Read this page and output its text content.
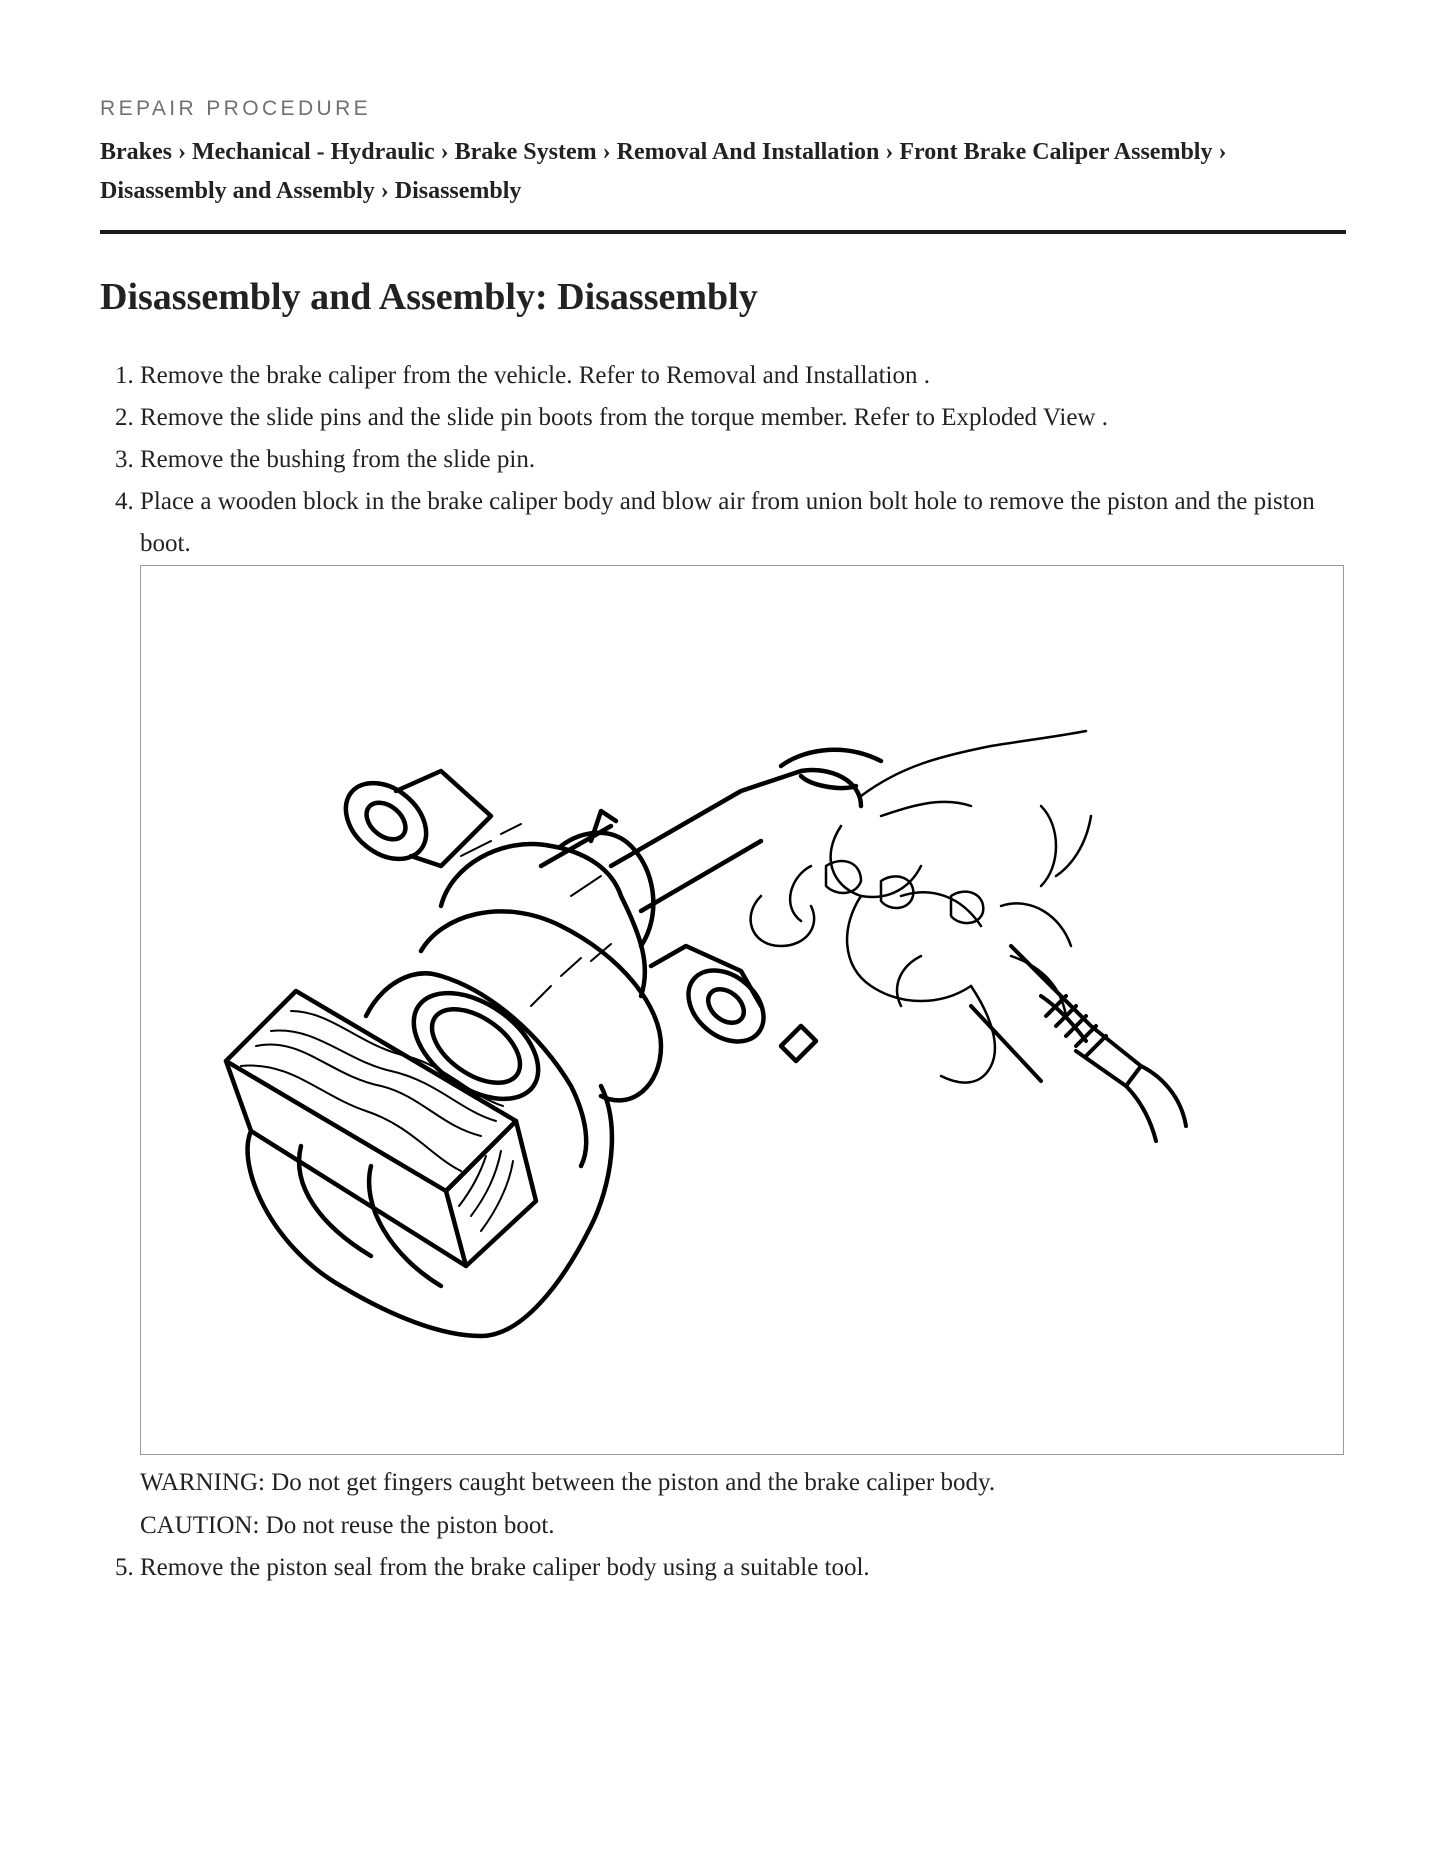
REPAIR PROCEDURE

Brakes › Mechanical - Hydraulic › Brake System › Removal And Installation › Front Brake Caliper Assembly ›
Disassembly and Assembly › Disassembly
Disassembly and Assembly: Disassembly
1. Remove the brake caliper from the vehicle. Refer to Removal and Installation .
2. Remove the slide pins and the slide pin boots from the torque member. Refer to Exploded View .
3. Remove the bushing from the slide pin.
4. Place a wooden block in the brake caliper body and blow air from union bolt hole to remove the piston and the piston boot.

WARNING: Do not get fingers caught between the piston and the brake caliper body.

CAUTION: Do not reuse the piston boot.

5. Remove the piston seal from the brake caliper body using a suitable tool.
